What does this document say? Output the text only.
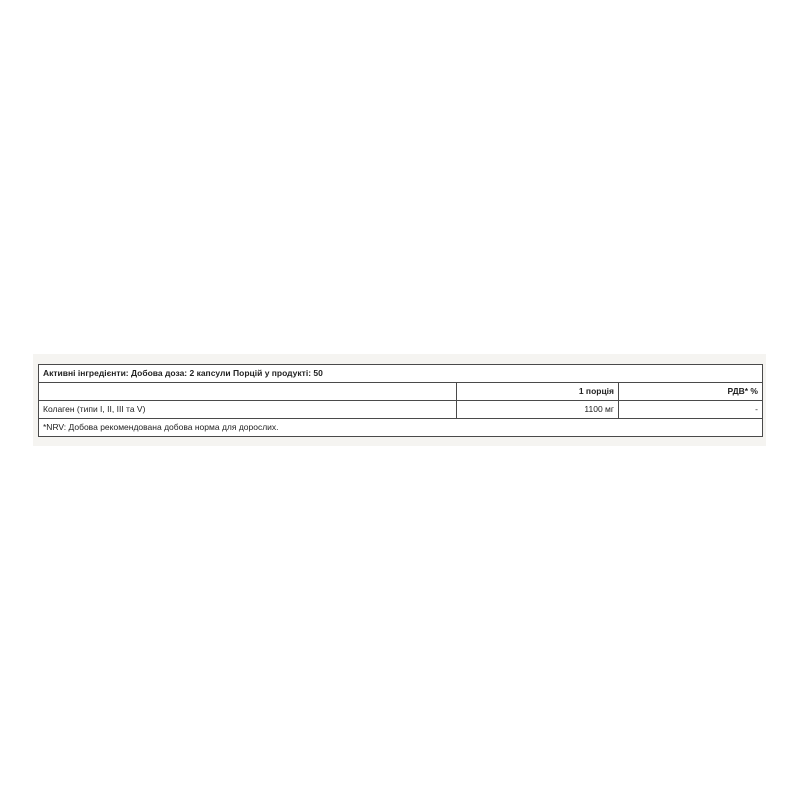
Активні інгредієнти: Добова доза: 2 капсули Порцій у продукті: 50		
	1 порція	РДВ* %
Колаген (типи I, II, III та V)	1100 мг	-
*NRV: Добова рекомендована добова норма для дорослих.		
